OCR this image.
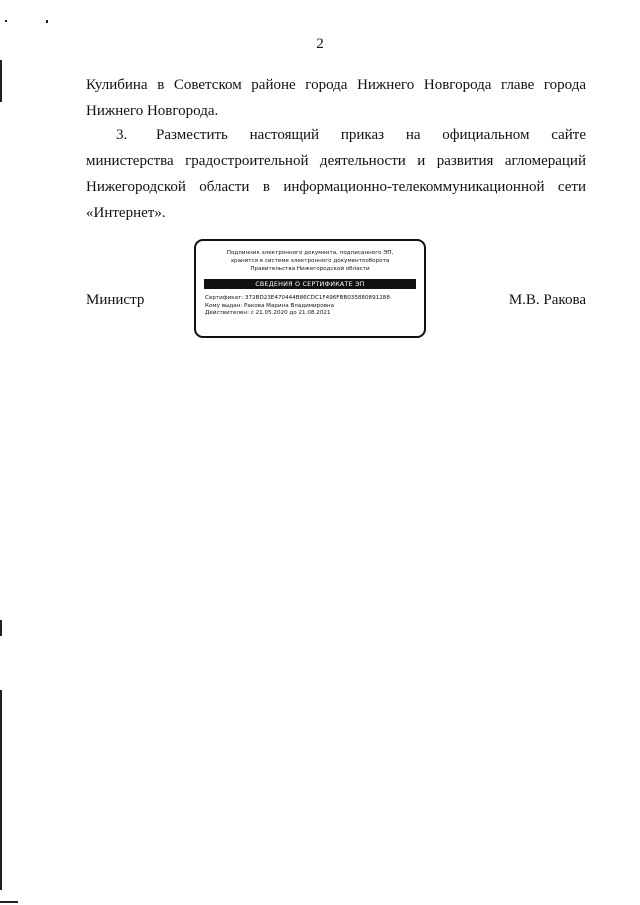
2

Кулибина в Советском районе города Нижнего Новгорода главе города Нижнего Новгорода.

3. Разместить настоящий приказ на официальном сайте министерства градостроительной деятельности и развития агломераций Нижегородской области в информационно-телекоммуникационной сети «Интернет».

Министр
Подлинник электронного документа, подписанного ЭП,
хранится в системе электронного документооборота
Правительства Нижегородской области
СВЕДЕНИЯ О СЕРТИФИКАТЕ ЭП
Сертификат: 372BD23E470444B86CDC1F496FBB035880891288
Кому выдан: Ракова Марина Владимировна
Действителен: с 21.05.2020 до 21.08.2021
М.В. Ракова
